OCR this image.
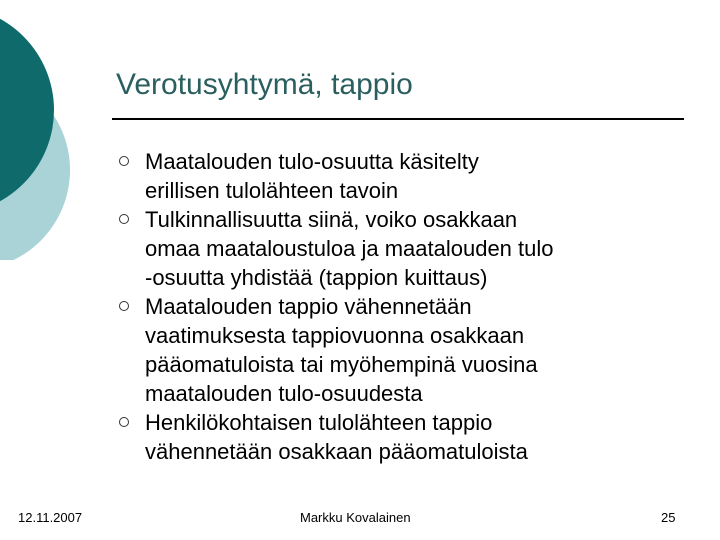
Verotusyhtymä, tappio
Maatalouden tulo-osuutta käsitelty
erillisen tulolähteen tavoin
Tulkinnallisuutta siinä, voiko osakkaan
omaa maataloustuloa ja maatalouden tulo
-osuutta yhdistää (tappion kuittaus)
Maatalouden tappio vähennetään
vaatimuksesta tappiovuonna osakkaan
pääomatuloista tai myöhempinä vuosina
maatalouden tulo-osuudesta
Henkilökohtaisen tulolähteen tappio
vähennetään osakkaan pääomatuloista
12.11.2007	Markku Kovalainen	25
